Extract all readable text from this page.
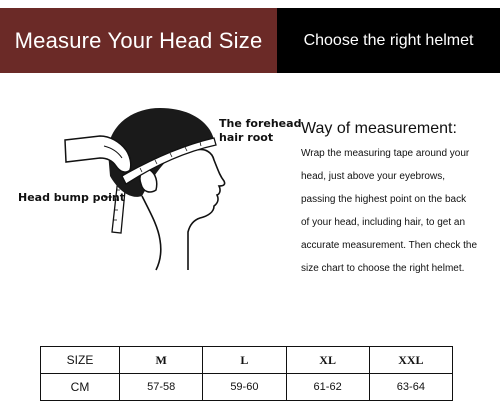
Measure Your Head Size	Choose the right helmet
The forehead
hair root
Head bump point
Way of measurement:
Wrap the measuring tape around your
head, just above your eyebrows,
passing the highest point on the back
of your head, including hair, to get an
accurate measurement. Then check the
size chart to choose the right helmet.
SIZE	M	L	XL	XXL
CM	57-58	59-60	61-62	63-64
